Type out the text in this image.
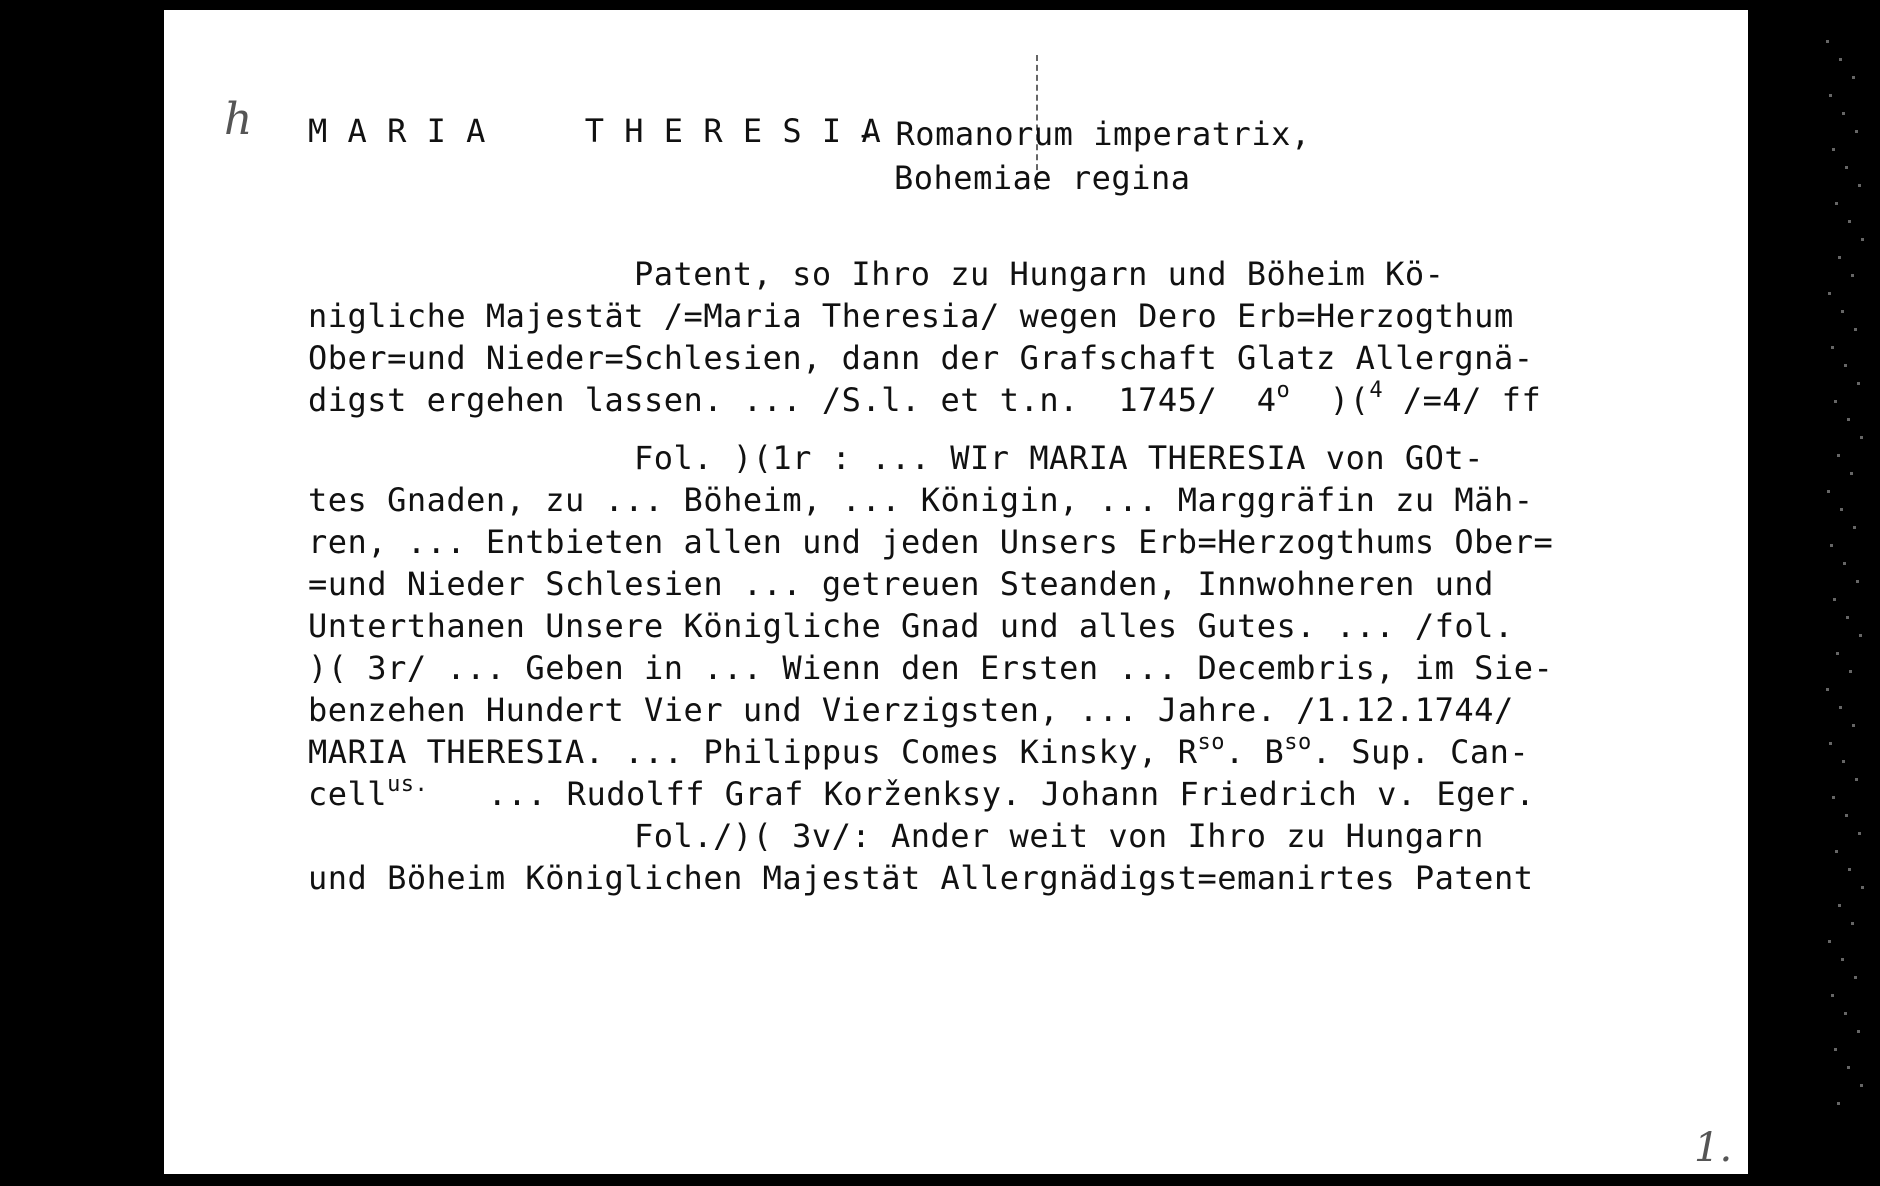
h M A R I A     T H E R E S I A
- Romanorum imperatrix,
Bohemiae regina
Patent, so Ihro zu Hungarn und Böheim Kö-
nigliche Majestät /=Maria Theresia/ wegen Dero Erb=Herzogthum
Ober=und Nieder=Schlesien, dann der Grafschaft Glatz Allergnä-
digst ergehen lassen. ... /S.l. et t.n.  1745/  4$^o$  )($^4$ /=4/ ff
Fol. )(1r : ... WIr MARIA THERESIA von GOt-
tes Gnaden, zu ... Böheim, ... Königin, ... Marggräfin zu Mäh-
ren, ... Entbieten allen und jeden Unsers Erb=Herzogthums Ober=
=und Nieder Schlesien ... getreuen Steanden, Innwohneren und
Unterthanen Unsere Königliche Gnad und alles Gutes. ... /fol.
)( 3r/ ... Geben in ... Wienn den Ersten ... Decembris, im Sie-
benzehen Hundert Vier und Vierzigsten, ... Jahre. /1.12.1744/
MARIA THERESIA. ... Philippus Comes Kinsky, $R^{so}$. $B^{so}$. Sup. Can-
cell$^{us.}$   ... Rudolff Graf Korženksy. Johann Friedrich v. Eger.
Fol./)( 3v/: Ander weit von Ihro zu Hungarn
und Böheim Königlichen Majestät Allergnädigst=emanirtes Patent
1.
